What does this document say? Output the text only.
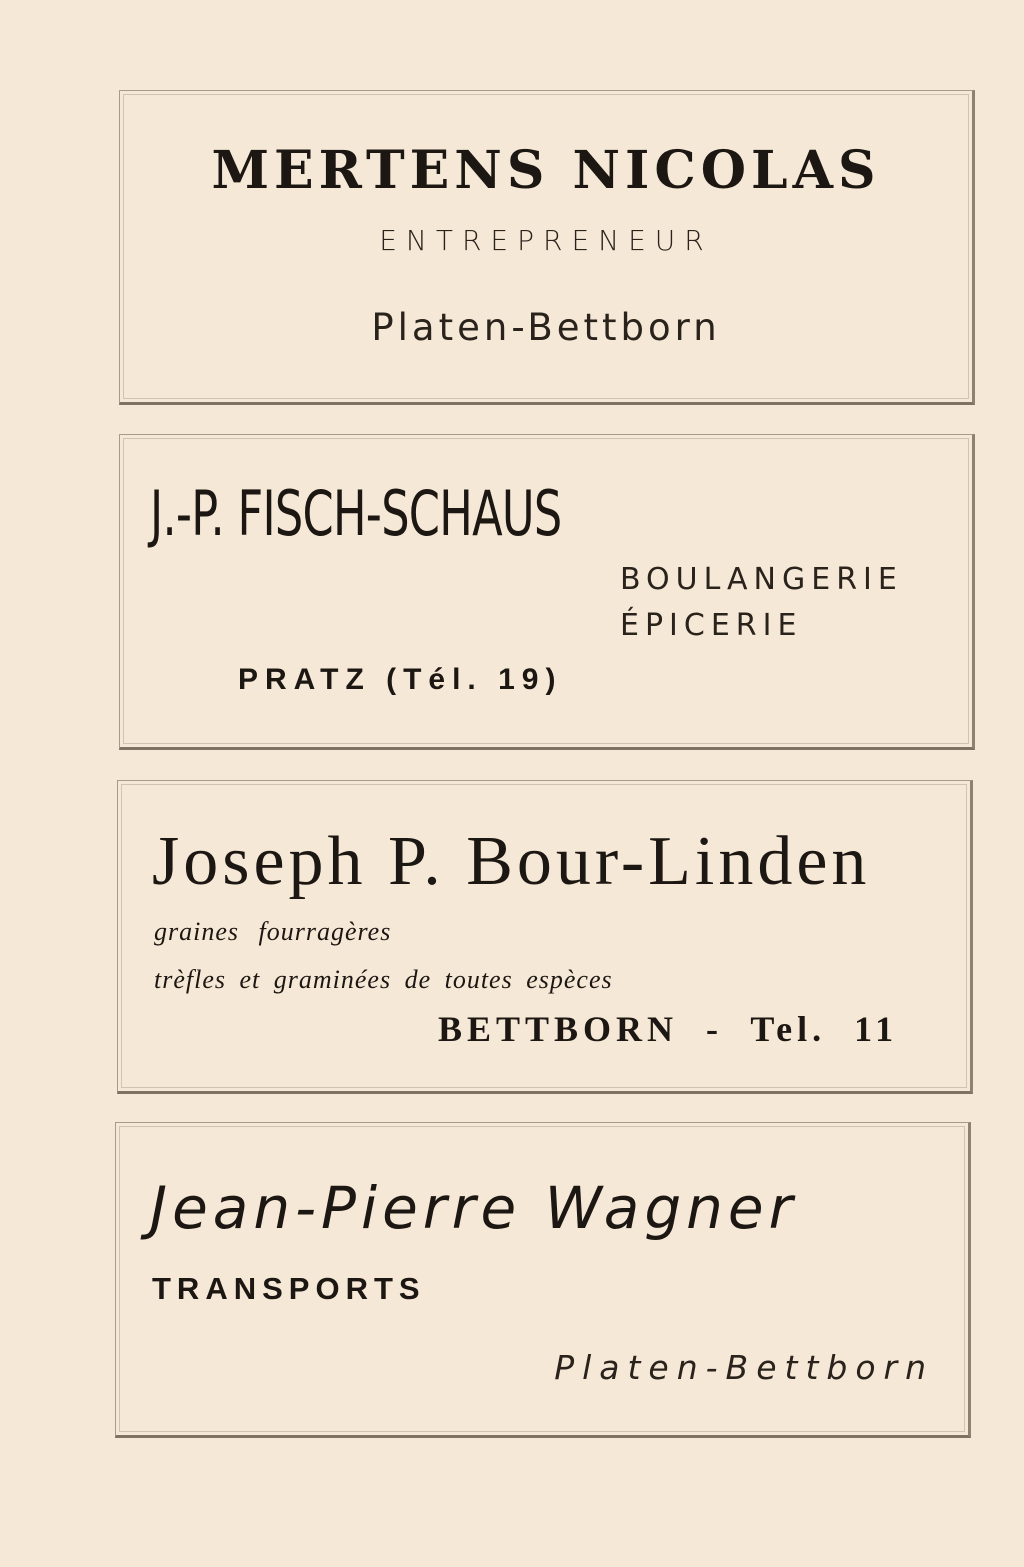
MERTENS NICOLAS

ENTREPRENEUR

Platen-Bettborn

J.-P. FISCH-SCHAUS

BOULANGERIE

ÉPICERIE

PRATZ (Tél. 19)

Joseph P. Bour-Linden

graines fourragères

trèfles et graminées de toutes espèces

BETTBORN - Tel. 11

Jean-Pierre Wagner

TRANSPORTS

Platen-Bettborn
